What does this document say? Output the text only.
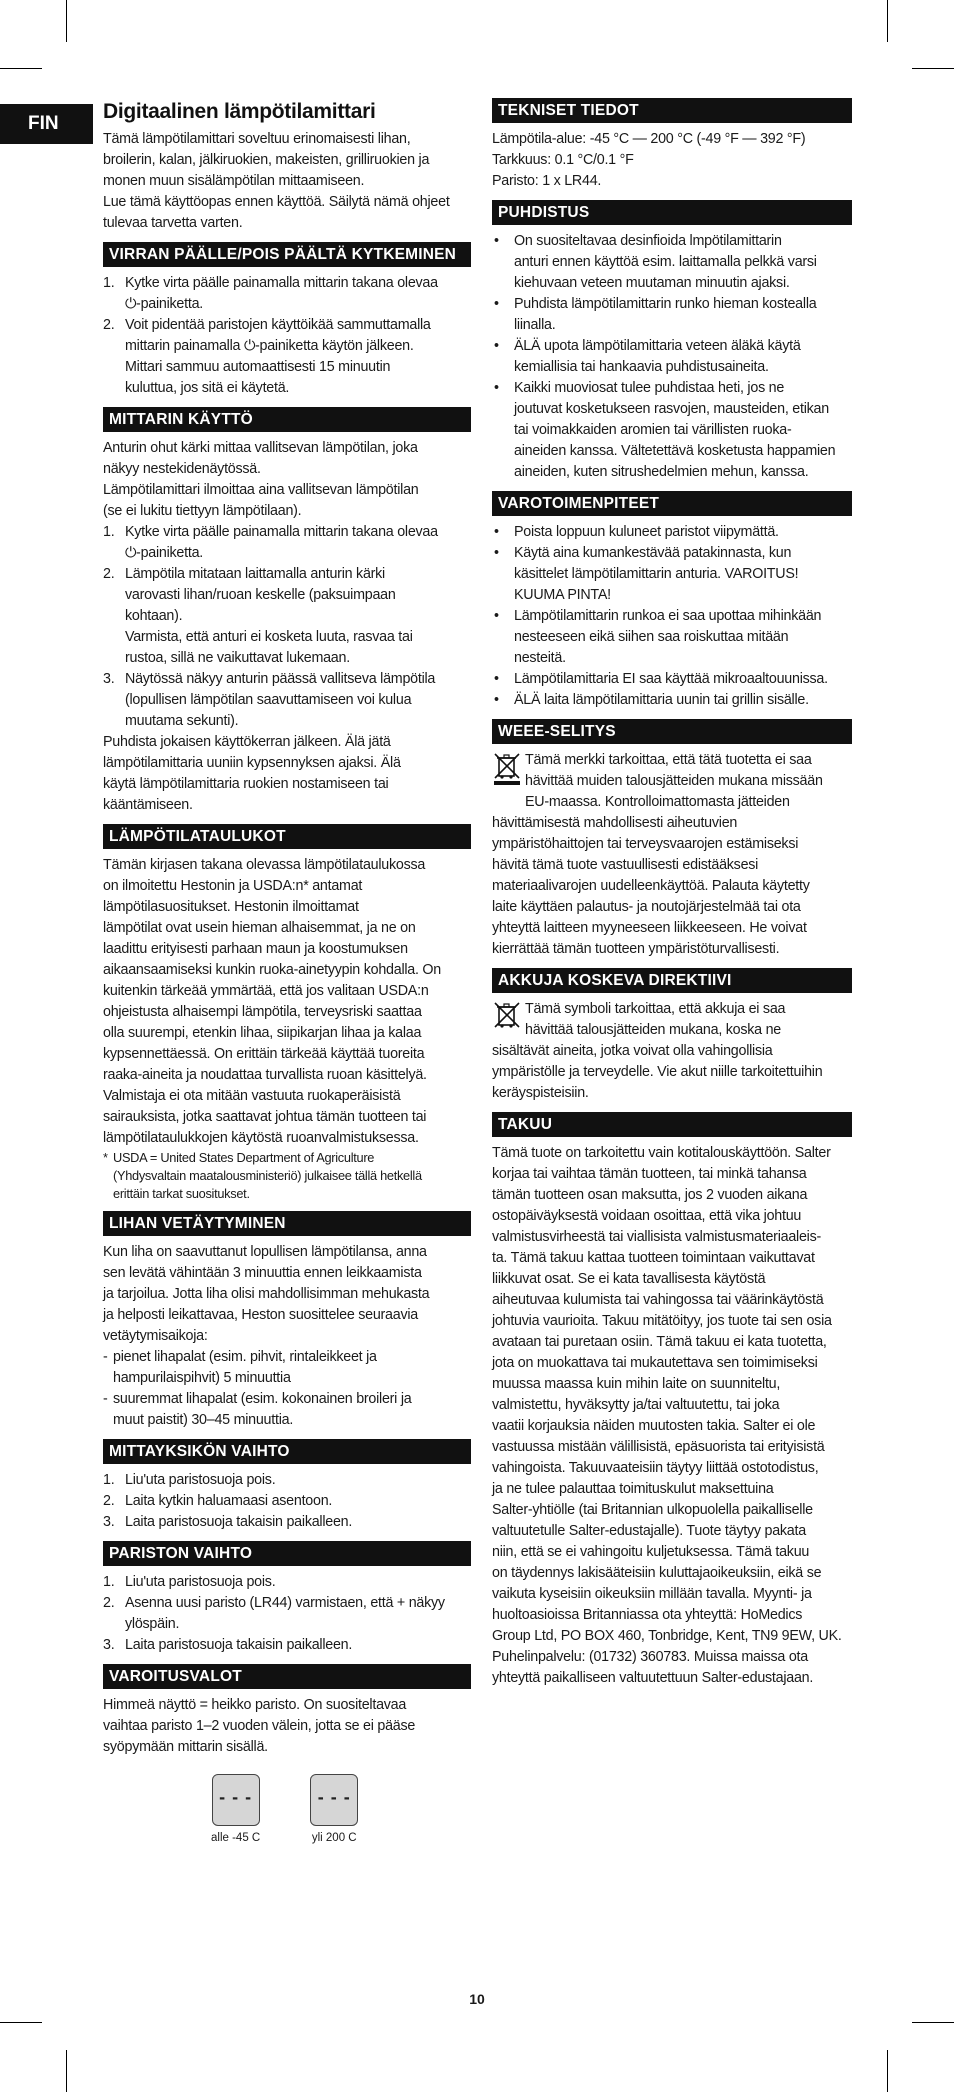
FIN
Digitaalinen lämpötilamittari

Tämä lämpötilamittari soveltuu erinomaisesti lihan,

broilerin, kalan, jälkiruokien, makeisten, grilliruokien ja

monen muun sisälämpötilan mittaamiseen.

Lue tämä käyttöopas ennen käyttöä. Säilytä nämä ohjeet

tulevaa tarvetta varten.

VIRRAN PÄÄLLE/POIS PÄÄLTÄ KYTKEMINEN
1. Kytke virta päälle painamalla mittarin takana olevaa
⏻-painiketta.
2. Voit pidentää paristojen käyttöikää sammuttamalla
mittarin painamalla ⏻-painiketta käytön jälkeen.
Mittari sammuu automaattisesti 15 minuutin
kuluttua, jos sitä ei käytetä.
MITTARIN KÄYTTÖ

Anturin ohut kärki mittaa vallitsevan lämpötilan, joka

näkyy nestekidenäytössä.

Lämpötilamittari ilmoittaa aina vallitsevan lämpötilan

(se ei lukitu tiettyyn lämpötilaan).

1. Kytke virta päälle painamalla mittarin takana olevaa
⏻-painiketta.
2. Lämpötila mitataan laittamalla anturin kärki
varovasti lihan/ruoan keskelle (paksuimpaan
kohtaan).
Varmista, että anturi ei kosketa luuta, rasvaa tai
rustoa, sillä ne vaikuttavat lukemaan.
3. Näytössä näkyy anturin päässä vallitseva lämpötila
(lopullisen lämpötilan saavuttamiseen voi kulua
muutama sekunti).

Puhdista jokaisen käyttökerran jälkeen. Älä jätä

lämpötilamittaria uuniin kypsennyksen ajaksi. Älä

käytä lämpötilamittaria ruokien nostamiseen tai

kääntämiseen.

LÄMPÖTILATAULUKOT

Tämän kirjasen takana olevassa lämpötilataulukossa

on ilmoitettu Hestonin ja USDA:n* antamat

lämpötilasuositukset. Hestonin ilmoittamat

lämpötilat ovat usein hieman alhaisemmat, ja ne on

laadittu erityisesti parhaan maun ja koostumuksen

aikaansaamiseksi kunkin ruoka-ainetyypin kohdalla. On

kuitenkin tärkeää ymmärtää, että jos valitaan USDA:n

ohjeistusta alhaisempi lämpötila, terveysriski saattaa

olla suurempi, etenkin lihaa, siipikarjan lihaa ja kalaa

kypsennettäessä. On erittäin tärkeää käyttää tuoreita

raaka-aineita ja noudattaa turvallista ruoan käsittelyä.

Valmistaja ei ota mitään vastuuta ruokaperäisistä

sairauksista, jotka saattavat johtua tämän tuotteen tai

lämpötilataulukkojen käytöstä ruoanvalmistuksessa.

* USDA = United States Department of Agriculture
(Yhdysvaltain maatalousministeriö) julkaisee tällä hetkellä
erittäin tarkat suositukset.
LIHAN VETÄYTYMINEN

Kun liha on saavuttanut lopullisen lämpötilansa, anna

sen levätä vähintään 3 minuuttia ennen leikkaamista

ja tarjoilua. Jotta liha olisi mahdollisimman mehukasta

ja helposti leikattavaa, Heston suosittelee seuraavia

vetäytymisaikoja:

- pienet lihapalat (esim. pihvit, rintaleikkeet ja
hampurilaispihvit) 5 minuuttia
- suuremmat lihapalat (esim. kokonainen broileri ja
muut paistit) 30–45 minuuttia.
MITTAYKSIKÖN VAIHTO
1. Liu'uta paristosuoja pois.
2. Laita kytkin haluamaasi asentoon.
3. Laita paristosuoja takaisin paikalleen.
PARISTON VAIHTO
1. Liu'uta paristosuoja pois.
2. Asenna uusi paristo (LR44) varmistaen, että + näkyy
ylöspäin.
3. Laita paristosuoja takaisin paikalleen.
VAROITUSVALOT

Himmeä näyttö = heikko paristo. On suositeltavaa

vaihtaa paristo 1–2 vuoden välein, jotta se ei pääse

syöpymään mittarin sisällä.

- - -
alle -45 C
- - -
yli 200 C
TEKNISET TIEDOT

Lämpötila-alue: -45 °C — 200 °C (-49 °F — 392 °F)

Tarkkuus: 0.1 °C/0.1 °F

Paristo: 1 x LR44.

PUHDISTUS
•	On suositeltavaa desinfioida lmpötilamittarin
anturi ennen käyttöä esim. laittamalla pelkkä varsi
kiehuvaan veteen muutaman minuutin ajaksi.
•	Puhdista lämpötilamittarin runko hieman kostealla
liinalla.
•	ÄLÄ upota lämpötilamittaria veteen äläkä käytä
kemiallisia tai hankaavia puhdistusaineita.
•	Kaikki muoviosat tulee puhdistaa heti, jos ne
joutuvat kosketukseen rasvojen, mausteiden, etikan
tai voimakkaiden aromien tai värillisten ruoka-
aineiden kanssa. Vältetettävä kosketusta happamien
aineiden, kuten sitrushedelmien mehun, kanssa.
VAROTOIMENPITEET
•	Poista loppuun kuluneet paristot viipymättä.
•	Käytä aina kumankestävää patakinnasta, kun
käsittelet lämpötilamittarin anturia. VAROITUS!
KUUMA PINTA!
•	Lämpötilamittarin runkoa ei saa upottaa mihinkään
nesteeseen eikä siihen saa roiskuttaa mitään
nesteitä.
•	Lämpötilamittaria EI saa käyttää mikroaaltouunissa.
•	ÄLÄ laita lämpötilamittaria uunin tai grillin sisälle.
WEEE-SELITYS

Tämä merkki tarkoittaa, että tätä tuotetta ei saa

hävittää muiden talousjätteiden mukana missään

EU-maassa. Kontrolloimattomasta jätteiden

hävittämisestä mahdollisesti aiheutuvien

ympäristöhaittojen tai terveysvaarojen estämiseksi

hävitä tämä tuote vastuullisesti edistääksesi

materiaalivarojen uudelleenkäyttöä. Palauta käytetty

laite käyttäen palautus- ja noutojärjestelmää tai ota

yhteyttä laitteen myyneeseen liikkeeseen. He voivat

kierrättää tämän tuotteen ympäristöturvallisesti.

AKKUJA KOSKEVA DIREKTIIVI

Tämä symboli tarkoittaa, että akkuja ei saa

hävittää talousjätteiden mukana, koska ne

sisältävät aineita, jotka voivat olla vahingollisia

ympäristölle ja terveydelle. Vie akut niille tarkoitettuihin

keräyspisteisiin.

TAKUU

Tämä tuote on tarkoitettu vain kotitalouskäyttöön. Salter

korjaa tai vaihtaa tämän tuotteen, tai minkä tahansa

tämän tuotteen osan maksutta, jos 2 vuoden aikana

ostopäiväyksestä voidaan osoittaa, että vika johtuu

valmistusvirheestä tai viallisista valmistusmateriaaleis-

ta. Tämä takuu kattaa tuotteen toimintaan vaikuttavat

liikkuvat osat. Se ei kata tavallisesta käytöstä

aiheutuvaa kulumista tai vahingossa tai väärinkäytöstä

johtuvia vaurioita. Takuu mitätöityy, jos tuote tai sen osia

avataan tai puretaan osiin. Tämä takuu ei kata tuotetta,

jota on muokattava tai mukautettava sen toimimiseksi

muussa maassa kuin mihin laite on suunniteltu,

valmistettu, hyväksytty ja/tai valtuutettu, tai joka

vaatii korjauksia näiden muutosten takia. Salter ei ole

vastuussa mistään välillisistä, epäsuorista tai erityisistä

vahingoista. Takuuvaateisiin täytyy liittää ostotodistus,

ja ne tulee palauttaa toimituskulut maksettuina

Salter-yhtiölle (tai Britannian ulkopuolella paikalliselle

valtuutetulle Salter-edustajalle). Tuote täytyy pakata

niin, että se ei vahingoitu kuljetuksessa. Tämä takuu

on täydennys lakisääteisiin kuluttajaoikeuksiin, eikä se

vaikuta kyseisiin oikeuksiin millään tavalla. Myynti- ja

huoltoasioissa Britanniassa ota yhteyttä: HoMedics

Group Ltd, PO BOX 460, Tonbridge, Kent, TN9 9EW, UK.

Puhelinpalvelu: (01732) 360783. Muissa maissa ota

yhteyttä paikalliseen valtuutettuun Salter-edustajaan.

10
